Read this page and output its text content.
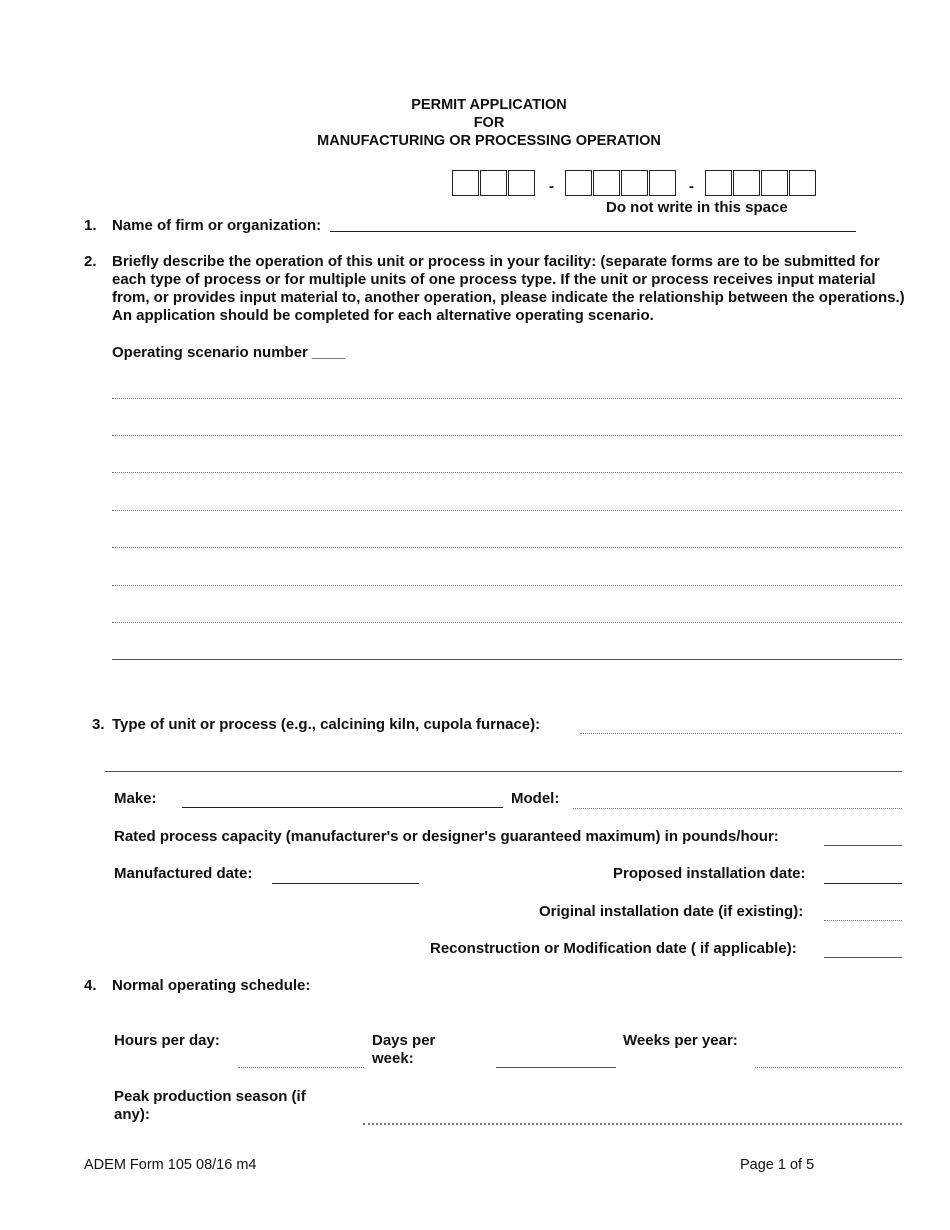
PERMIT APPLICATION
FOR
MANUFACTURING OR PROCESSING OPERATION
-	-
Do not write in this space
1. Name of firm or organization:
2. Briefly describe the operation of this unit or process in your facility: (separate forms are to be submitted for each type of process or for multiple units of one process type. If the unit or process receives input material from, or provides input material to, another operation, please indicate the relationship between the operations.) An application should be completed for each alternative operating scenario.
Operating scenario number ____
3. Type of unit or process (e.g., calcining kiln, cupola furnace):
Make:	Model:
Rated process capacity (manufacturer's or designer's guaranteed maximum) in pounds/hour:
Manufactured date:	Proposed installation date:
Original installation date (if existing):
Reconstruction or Modification date ( if applicable):
4. Normal operating schedule:
Hours per day:	Days per
week:
Weeks per year:
Peak production season (if
any):
ADEM Form 105 08/16 m4	Page 1 of 5
